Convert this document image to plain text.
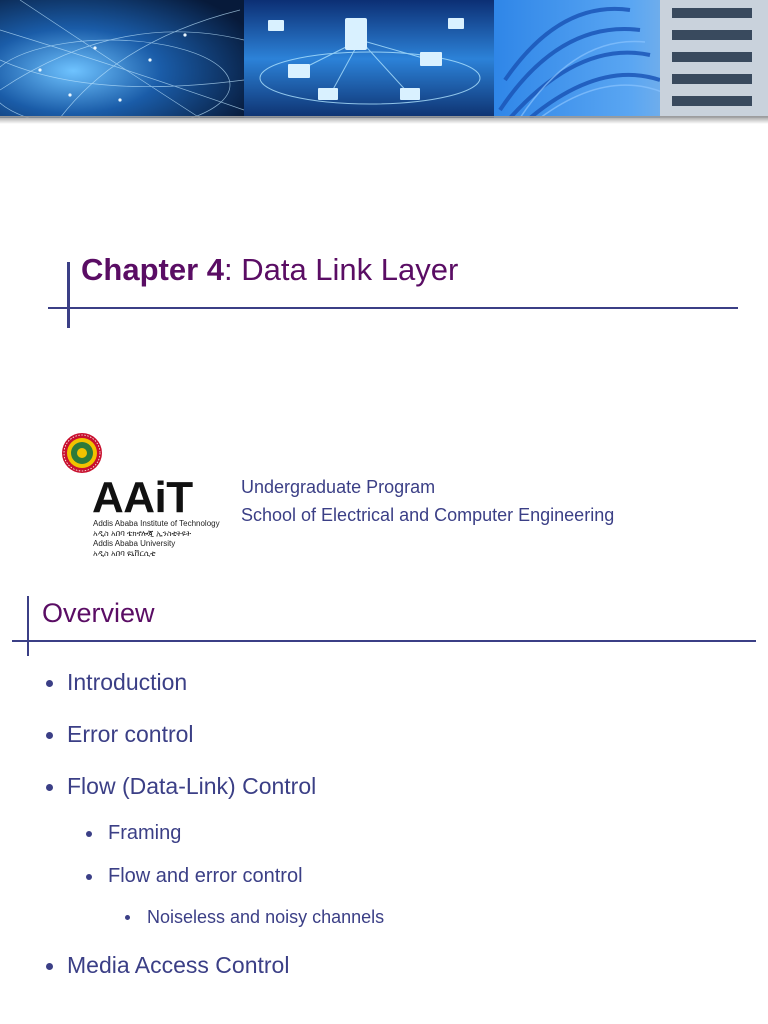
Chapter 4: Data Link Layer

AAiT

Addis Ababa Institute of Technology

አዲስ አበባ ቴክኖሎጂ ኢንስቲትዩት

Addis Ababa University

አዲስ አበባ ዩኒቨርሲቲ

Undergraduate Program

School of Electrical and Computer Engineering

Overview

Introduction

Error control

Flow (Data-Link) Control

Framing

Flow and error control

Noiseless and noisy channels

Media Access Control
